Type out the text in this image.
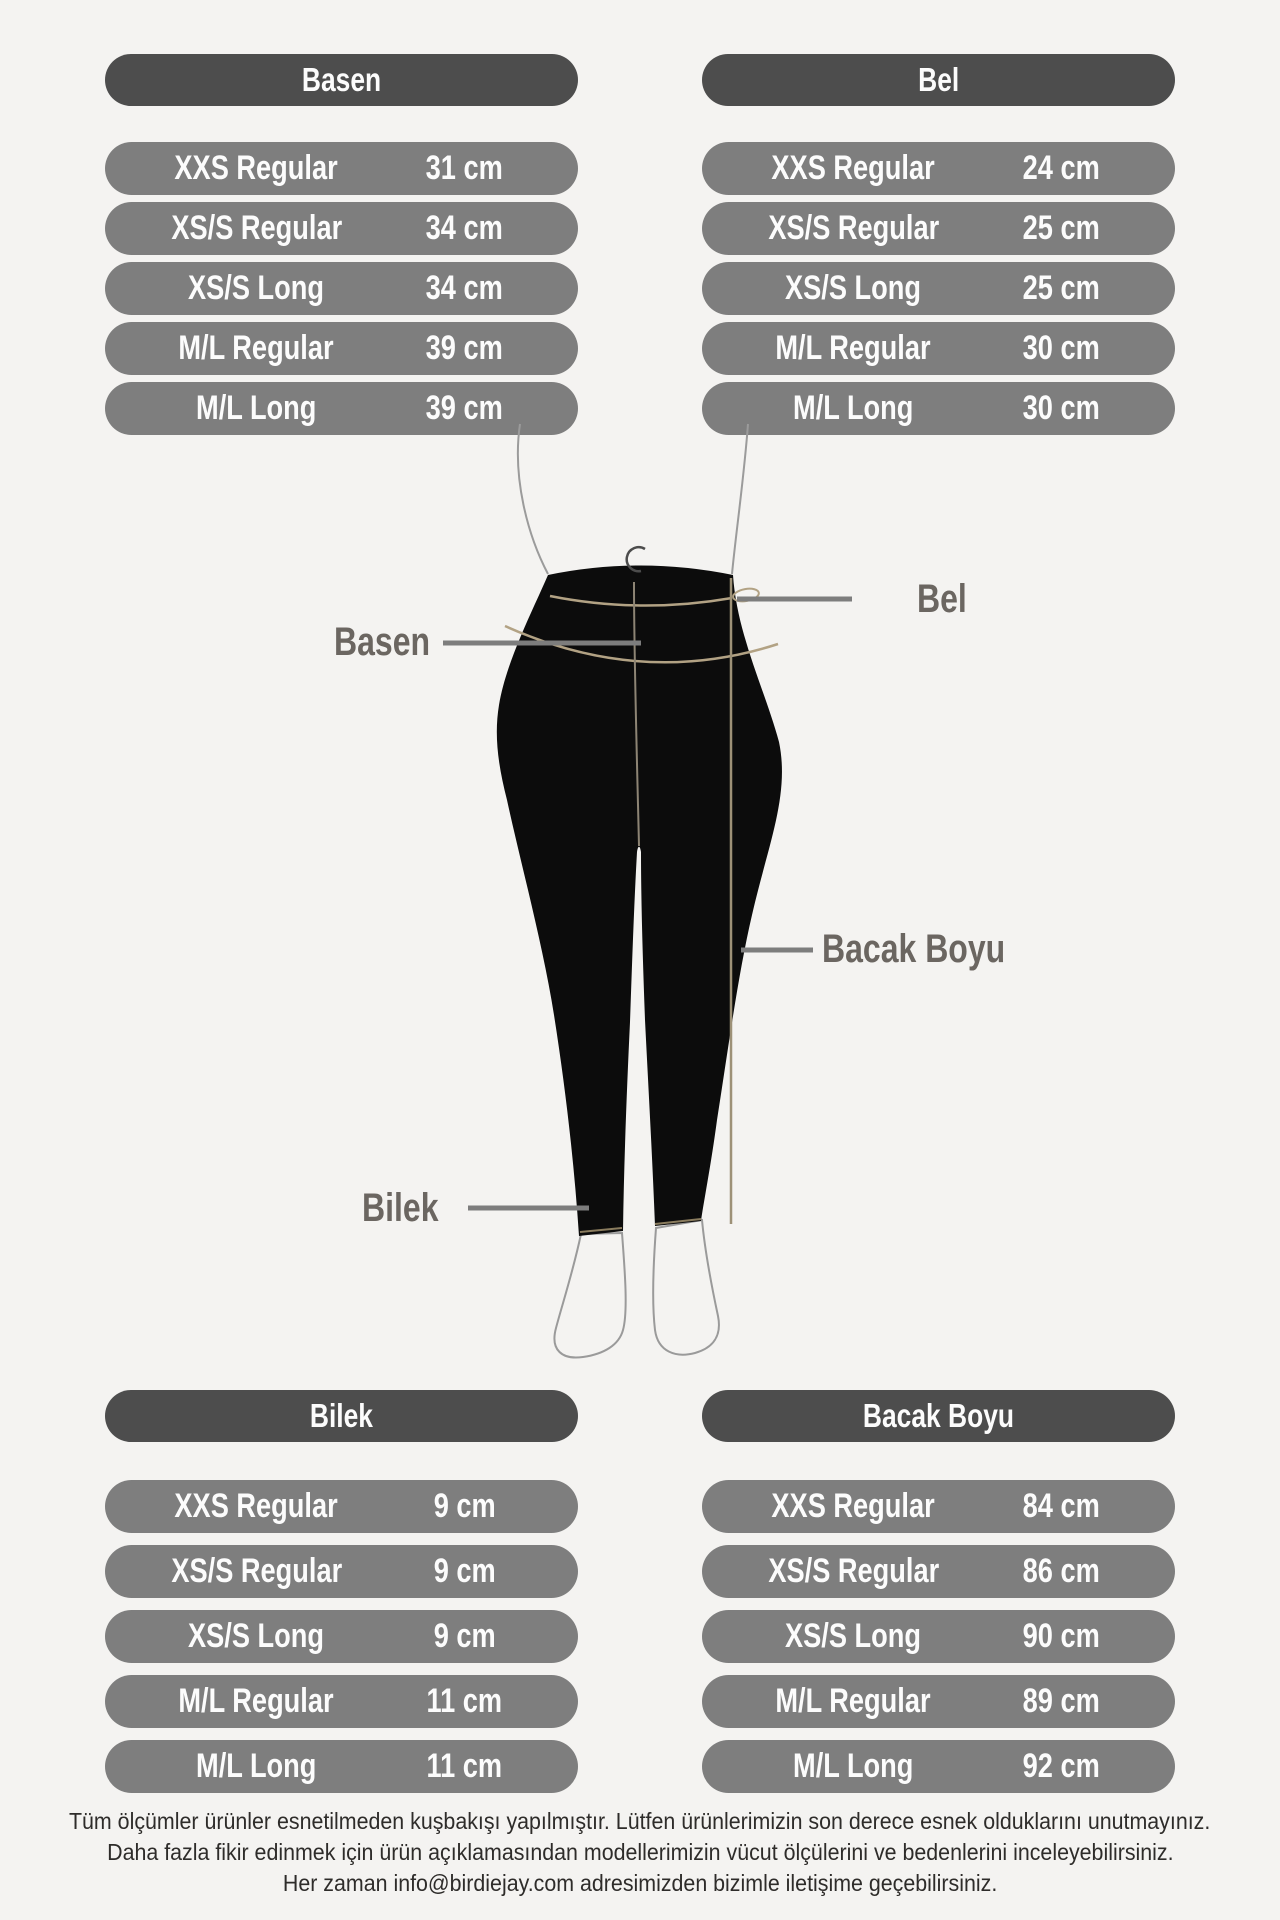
Basen
XXS Regular	31 cm
XS/S Regular	34 cm
XS/S Long	34 cm
M/L Regular	39 cm
M/L Long	39 cm
Bel
XXS Regular	24 cm
XS/S Regular	25 cm
XS/S Long	25 cm
M/L Regular	30 cm
M/L Long	30 cm
Basen
Bel
Bacak Boyu
Bilek
Bilek
XXS Regular	9 cm
XS/S Regular	9 cm
XS/S Long	9 cm
M/L Regular	11 cm
M/L Long	11 cm
Bacak Boyu
XXS Regular	84 cm
XS/S Regular	86 cm
XS/S Long	90 cm
M/L Regular	89 cm
M/L Long	92 cm
Tüm ölçümler ürünler esnetilmeden kuşbakışı yapılmıştır. Lütfen ürünlerimizin son derece esnek olduklarını unutmayınız.
Daha fazla fikir edinmek için ürün açıklamasından modellerimizin vücut ölçülerini ve bedenlerini inceleyebilirsiniz.
Her zaman info@birdiejay.com adresimizden bizimle iletişime geçebilirsiniz.
